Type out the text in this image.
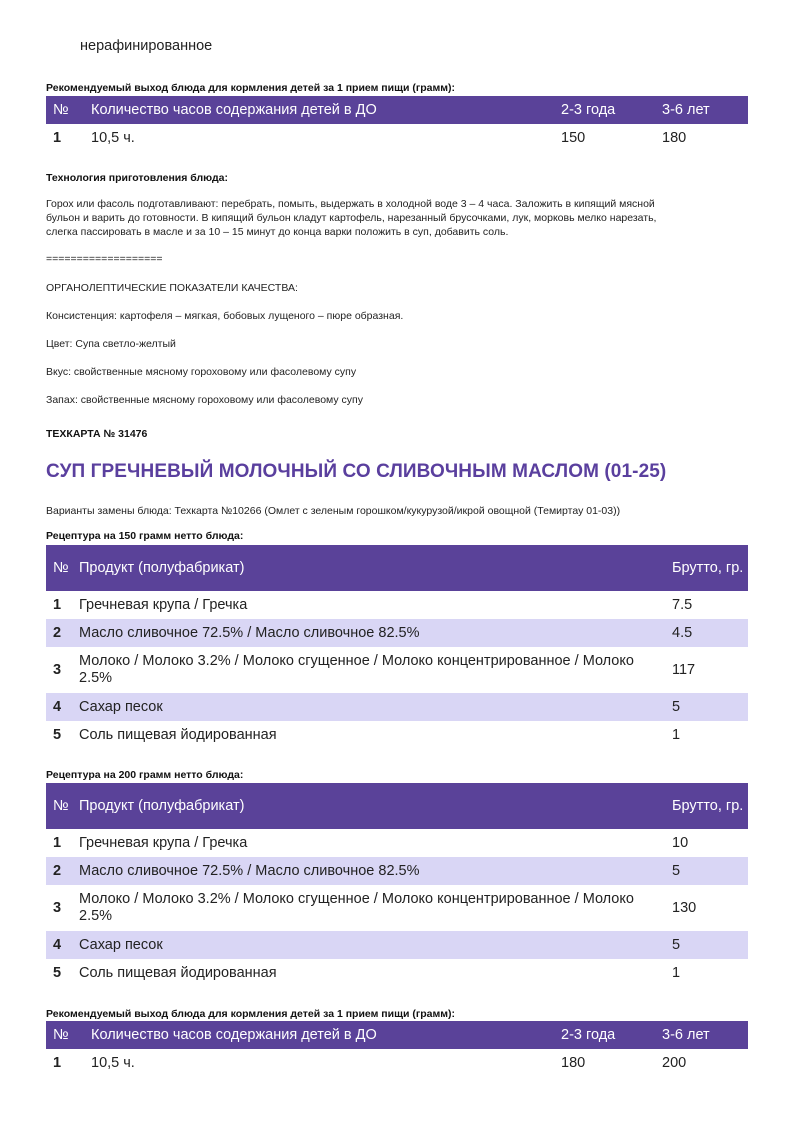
нерафинированное
Рекомендуемый выход блюда для кормления детей за 1 прием пищи (грамм):
№	Количество часов содержания детей в ДО	2-3 года	3-6 лет
1	10,5 ч.	150	180
Технология приготовления блюда:
Горох или фасоль подготавливают: перебрать, помыть, выдержать в холодной воде 3 – 4 часа. Заложить в кипящий мясной
бульон и варить до готовности. В кипящий бульон кладут картофель, нарезанный брусочками, лук, морковь мелко нарезать,
слегка пассировать в масле и за 10 – 15 минут до конца варки положить в суп, добавить соль.
===================
ОРГАНОЛЕПТИЧЕСКИЕ ПОКАЗАТЕЛИ КАЧЕСТВА:
Консистенция: картофеля – мягкая, бобовых лущеного – пюре образная.
Цвет: Супа светло-желтый
Вкус: свойственные мясному гороховому или фасолевому супу
Запах: свойственные мясному гороховому или фасолевому супу
ТЕХКАРТА № 31476
СУП ГРЕЧНЕВЫЙ МОЛОЧНЫЙ СО СЛИВОЧНЫМ МАСЛОМ (01-25)
Варианты замены блюда: Техкарта №10266 (Омлет с зеленым горошком/кукурузой/икрой овощной (Темиртау 01-03))
Рецептура на 150 грамм нетто блюда:
№	Продукт (полуфабрикат)	Брутто, гр.
1	Гречневая крупа / Гречка	7.5
2	Масло сливочное 72.5% / Масло сливочное 82.5%	4.5
3	Молоко / Молоко 3.2% / Молоко сгущенное / Молоко концентрированное / Молоко 2.5%	117
4	Сахар песок	5
5	Соль пищевая йодированная	1
Рецептура на 200 грамм нетто блюда:
№	Продукт (полуфабрикат)	Брутто, гр.
1	Гречневая крупа / Гречка	10
2	Масло сливочное 72.5% / Масло сливочное 82.5%	5
3	Молоко / Молоко 3.2% / Молоко сгущенное / Молоко концентрированное / Молоко 2.5%	130
4	Сахар песок	5
5	Соль пищевая йодированная	1
Рекомендуемый выход блюда для кормления детей за 1 прием пищи (грамм):
№	Количество часов содержания детей в ДО	2-3 года	3-6 лет
1	10,5 ч.	180	200
